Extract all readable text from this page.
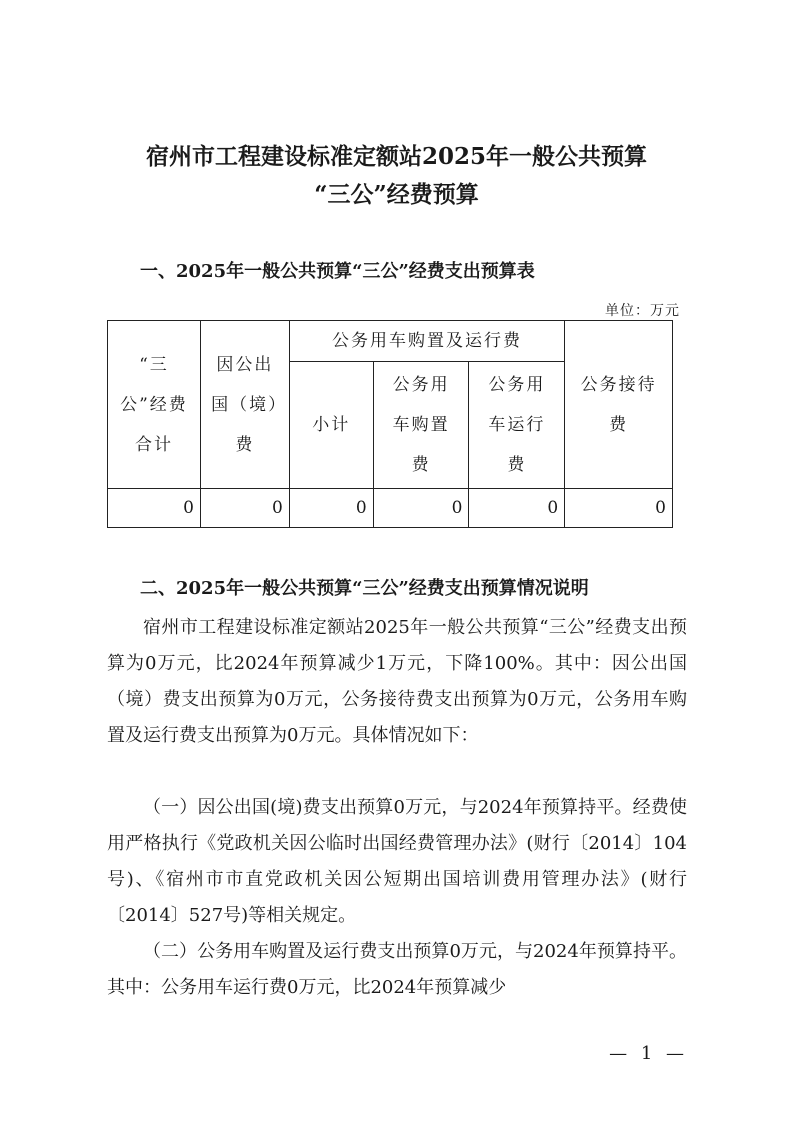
宿州市工程建设标准定额站2025年一般公共预算
“三公”经费预算
一、2025年一般公共预算“三公”经费支出预算表
单位：万元
“三公”经费合计	因公出国（境）费	公务用车购置及运行费			公务接待费
		小计	公务用车购置费	公务用车运行费	
0	0	0	0	0	0
二、2025年一般公共预算“三公”经费支出预算情况说明
宿州市工程建设标准定额站2025年一般公共预算“三公”经费支出预算为0万元，比2024年预算减少1万元，下降100%。其中：因公出国（境）费支出预算为0万元，公务接待费支出预算为0万元，公务用车购置及运行费支出预算为0万元。具体情况如下：
（一）因公出国(境)费支出预算0万元，与2024年预算持平。经费使用严格执行《党政机关因公临时出国经费管理办法》(财行〔2014〕104号)、《宿州市市直党政机关因公短期出国培训费用管理办法》(财行〔2014〕527号)等相关规定。
（二）公务用车购置及运行费支出预算0万元，与2024年预算持平。其中：公务用车运行费0万元，比2024年预算减少
— 1 —
